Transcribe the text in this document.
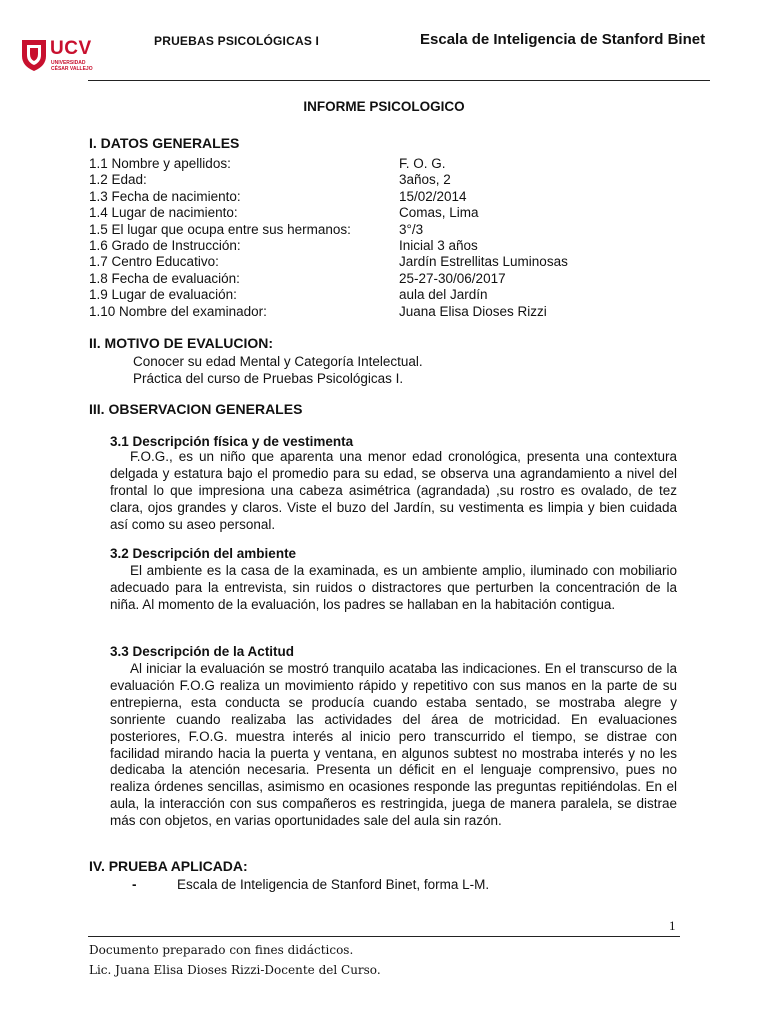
UCV
UNIVERSIDAD
CÉSAR VALLEJO
PRUEBAS PSICOLÓGICAS I	Escala de Inteligencia de Stanford Binet
INFORME PSICOLOGICO
I. DATOS GENERALES
1.1 Nombre y apellidos:	F. O. G.
1.2 Edad:	3años, 2
1.3 Fecha de nacimiento:	15/02/2014
1.4 Lugar de nacimiento:	Comas, Lima
1.5 El lugar que ocupa entre sus hermanos:	3°/3
1.6 Grado de Instrucción:	Inicial 3 años
1.7 Centro Educativo:	Jardín Estrellitas Luminosas
1.8 Fecha de evaluación:	25-27-30/06/2017
1.9 Lugar de evaluación:	aula del Jardín
1.10 Nombre del examinador:	Juana Elisa Dioses Rizzi
II. MOTIVO DE EVALUCION:
Conocer su edad Mental y Categoría Intelectual.
Práctica del curso de Pruebas Psicológicas I.
III. OBSERVACION GENERALES
3.1 Descripción física y de vestimenta
F.O.G., es un niño que aparenta una menor edad cronológica, presenta una contextura delgada y estatura bajo el promedio para su edad, se observa una agrandamiento a nivel del frontal lo que impresiona una cabeza asimétrica (agrandada) ,su rostro es ovalado, de tez clara, ojos grandes y claros. Viste el buzo del Jardín, su vestimenta es limpia y bien cuidada así como su aseo personal.
3.2 Descripción del ambiente
El ambiente es la casa de la examinada, es un ambiente amplio, iluminado con mobiliario adecuado para la entrevista, sin ruidos o distractores que perturben la concentración de la niña. Al momento de la evaluación, los padres se hallaban en la habitación contigua.
3.3 Descripción de la Actitud
Al iniciar la evaluación se mostró tranquilo acataba las indicaciones. En el transcurso de la evaluación F.O.G realiza un movimiento rápido y repetitivo con sus manos en la parte de su entrepierna, esta conducta se producía cuando estaba sentado, se mostraba alegre y sonriente cuando realizaba las actividades del área de motricidad. En evaluaciones posteriores, F.O.G. muestra interés al inicio pero transcurrido el tiempo, se distrae con facilidad mirando hacia la puerta y ventana, en algunos subtest no mostraba interés y no les dedicaba la atención necesaria. Presenta un déficit en el lenguaje comprensivo, pues no realiza órdenes sencillas, asimismo en ocasiones responde las preguntas repitiéndolas. En el aula, la interacción con sus compañeros es restringida, juega de manera paralela, se distrae más con objetos, en varias oportunidades sale del aula sin razón.
IV. PRUEBA APLICADA:
-	Escala de Inteligencia de Stanford Binet, forma L-M.
1
Documento preparado con fines didácticos.
Lic. Juana Elisa Dioses Rizzi-Docente del Curso.
